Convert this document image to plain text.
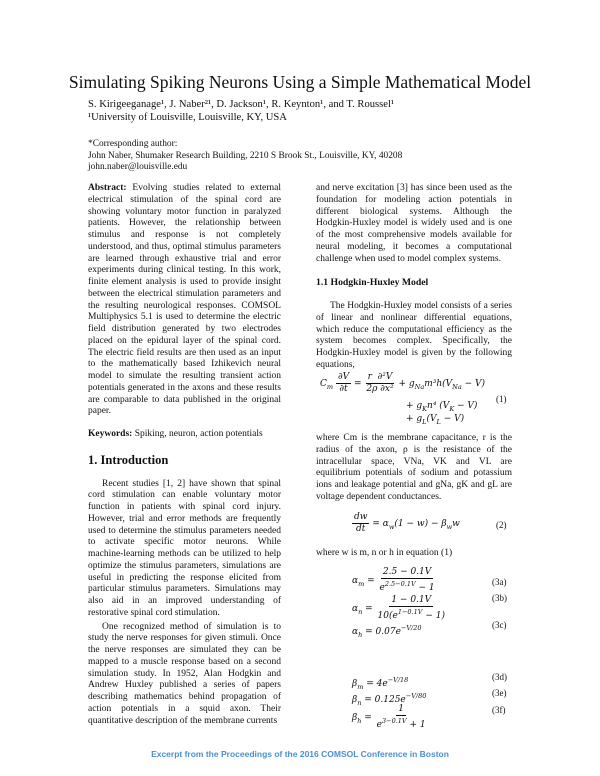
Simulating Spiking Neurons Using a Simple Mathematical Model
S. Kirigeeganage¹, J. Naber²¹, D. Jackson¹, R. Keynton¹, and T. Roussel¹
¹University of Louisville, Louisville, KY, USA
*Corresponding author:
John Naber, Shumaker Research Building, 2210 S Brook St., Louisville, KY, 40208
john.naber@louisville.edu

Abstract: Evolving studies related to external electrical stimulation of the spinal cord are showing voluntary motor function in paralyzed patients. However, the relationship between stimulus and response is not completely understood, and thus, optimal stimulus parameters are learned through exhaustive trial and error experiments during clinical testing. In this work, finite element analysis is used to provide insight between the electrical stimulation parameters and the resulting neurological responses. COMSOL Multiphysics 5.1 is used to determine the electric field distribution generated by two electrodes placed on the epidural layer of the spinal cord. The electric field results are then used as an input to the mathematically based Izhikevich neural model to simulate the resulting transient action potentials generated in the axons and these results are comparable to data published in the original paper.

Keywords: Spiking, neuron, action potentials

1. Introduction

Recent studies [1, 2] have shown that spinal cord stimulation can enable voluntary motor function in patients with spinal cord injury. However, trial and error methods are frequently used to determine the stimulus parameters needed to activate specific motor neurons. While machine-learning methods can be utilized to help optimize the stimulus parameters, simulations are useful in predicting the response elicited from particular stimulus parameters. Simulations may also aid in an improved understanding of restorative spinal cord stimulation.

One recognized method of simulation is to study the nerve responses for given stimuli. Once the nerve responses are simulated they can be mapped to a muscle response based on a second simulation study. In 1952, Alan Hodgkin and Andrew Huxley published a series of papers describing mathematics behind propagation of action potentials in a squid axon. Their quantitative description of the membrane currents

and nerve excitation [3] has since been used as the foundation for modeling action potentials in different biological systems. Although the Hodgkin-Huxley model is widely used and is one of the most comprehensive models available for neural modeling, it becomes a computational challenge when used to model complex systems.

1.1 Hodgkin-Huxley Model

The Hodgkin-Huxley model consists of a series of linear and nonlinear differential equations, which reduce the computational efficiency as the system becomes complex. Specifically, the Hodgkin-Huxley model is given by the following equations,

$C_m \frac{\partial V}{\partial t} = \frac{\text{r  ∂²V}}{\text{2ρ ∂x²}} + g_{Na}m^3h(V_{Na} - V)$
+ $g_Kn^4$ $(V_K - V)$
+ $g_L(V_L - V)$
(1)
where Cm is the membrane capacitance, r is the radius of the axon, ρ is the resistance of the intracellular space, VNa, VK and VL are equilibrium potentials of sodium and potassium ions and leakage potential and gNa, gK and gL are voltage dependent conductances.
$\frac{dw}{dt} = \alpha_w(1 - w) - \beta_ww$	(2)
where w is m, n or h in equation (1)
$\alpha_m = \frac{2.5 - 0.1V}{e^{2.5-0.1V} - 1}$	(3a)
$\alpha_n = \frac{1 - 0.1V}{10(e^{1-0.1V} - 1)}$	(3b)
$\alpha_h = 0.07e^{-V/20}$	(3c)
$\beta_m = 4e^{-V/18}$	(3d)
$\beta_n = 0.125e^{-V/80}$	(3e)
$\beta_h = \frac{1}{e^{3-0.1V} + 1}$	(3f)
Excerpt from the Proceedings of the 2016 COMSOL Conference in Boston
